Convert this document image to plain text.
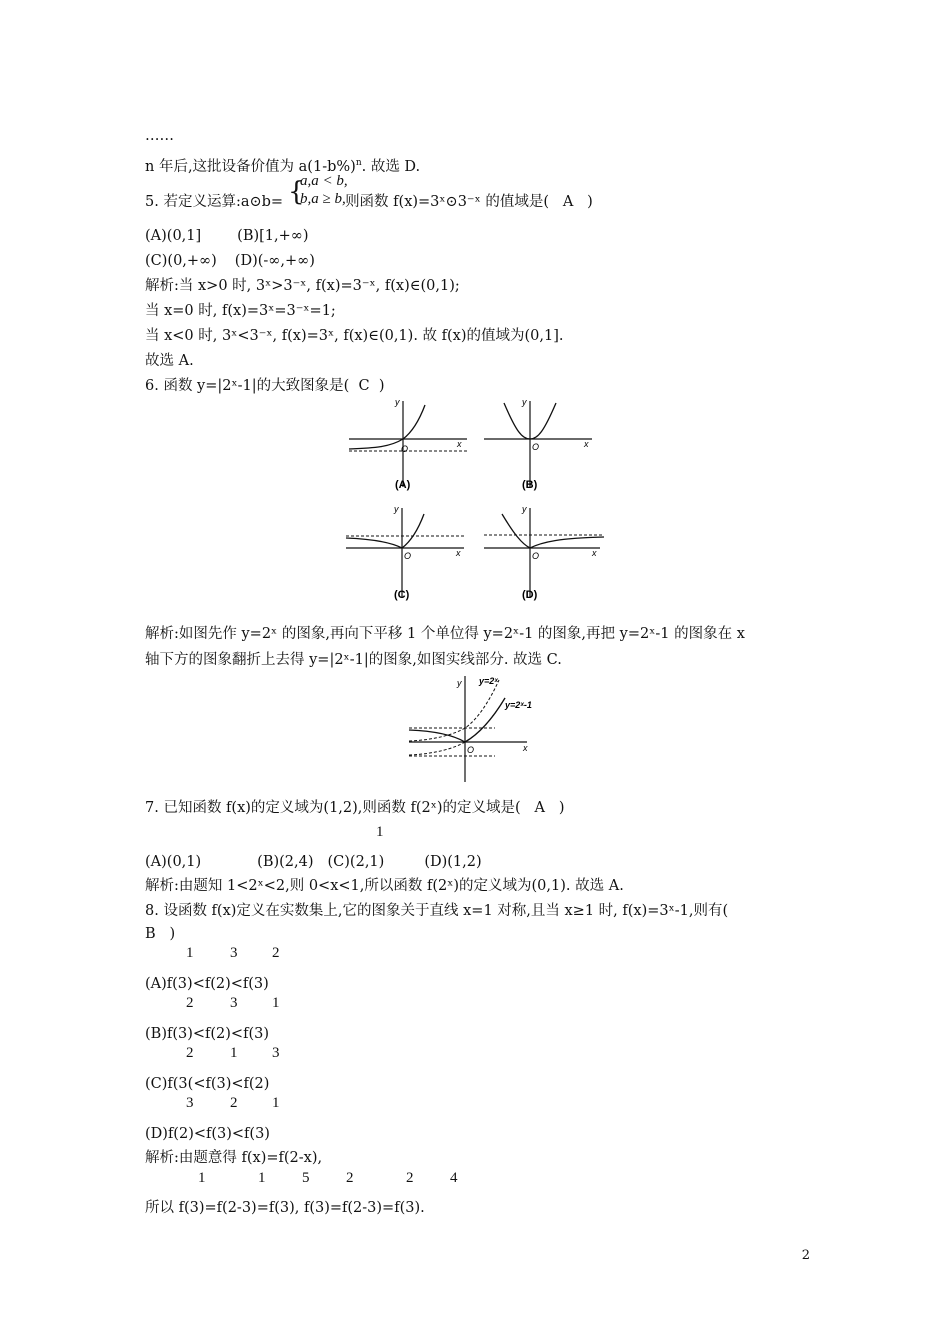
……
n 年后,这批设备价值为 $a(1-b\%)^n$. 故选 D.
5. 若定义运算:a⊙b=	则函数 f(x)=3ˣ⊙3⁻ˣ 的值域是( A )
{
a,a < b,
b,a ≥ b,
(A)(0,1] (B)[1,+∞)
(C)(0,+∞) (D)(-∞,+∞)
解析:当 x>0 时, 3ˣ>3⁻ˣ, f(x)=3⁻ˣ, f(x)∈(0,1);
当 x=0 时, f(x)=3ˣ=3⁻ˣ=1;
当 x<0 时, 3ˣ<3⁻ˣ, f(x)=3ˣ, f(x)∈(0,1). 故 f(x)的值域为(0,1].
故选 A.
6. 函数 y=|2ˣ-1|的大致图象是( C )
y
x
O
(A)
y
x
O
(B)
y
x
O
(C)
y
x
O
(D)
解析:如图先作 y=2ˣ 的图象,再向下平移 1 个单位得 y=2ˣ-1 的图象,再把 y=2ˣ-1 的图象在 x
轴下方的图象翻折上去得 y=|2ˣ-1|的图象,如图实线部分. 故选 C.
y
x
O
y=2ˣ
y=2ˣ-1
7. 已知函数 f(x)的定义域为(1,2),则函数 f(2ˣ)的定义域是( A )
1
(A)(0,1)	(B)(2,4) (C)(2,1)	(D)(1,2)
解析:由题知 1<2ˣ<2,则 0<x<1,所以函数 f(2ˣ)的定义域为(0,1). 故选 A.
8. 设函数 f(x)定义在实数集上,它的图象关于直线 x=1 对称,且当 x≥1 时, f(x)=3ˣ-1,则有(
B )
1 3 2
(A)f(3)<f(2)<f(3)
2 3 1
(B)f(3)<f(2)<f(3)
2 1 3
(C)f(3(<f(3)<f(2)
3 2 1
(D)f(2)<f(3)<f(3)
解析:由题意得 f(x)=f(2-x),
1	1 5 2	2 4
所以 f(3)=f(2-3)=f(3), f(3)=f(2-3)=f(3).
2
